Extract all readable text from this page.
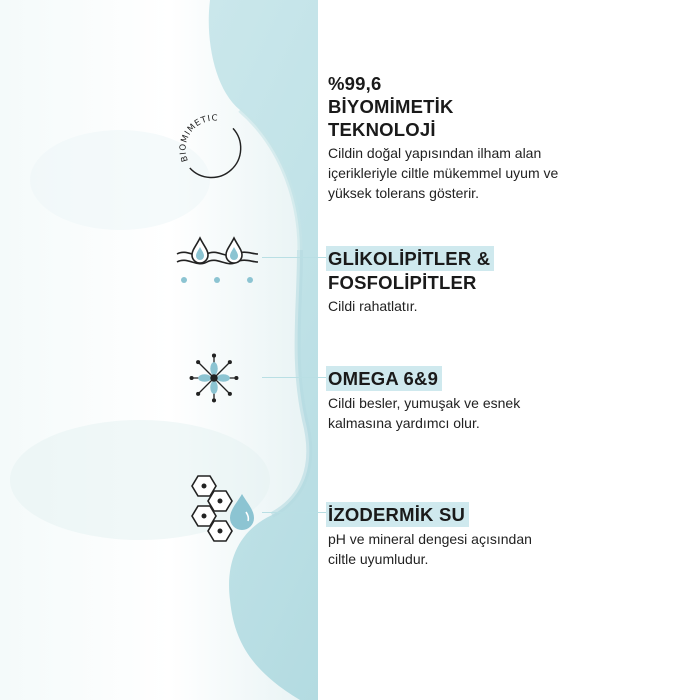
BIOMIMETIC
%99,6
BİYOMİMETİK
TEKNOLOJİ
Cildin doğal yapısından ilham alan içerikleriyle ciltle mükemmel uyum ve yüksek tolerans gösterir.
GLİKOLİPİTLER &
FOSFOLİPİTLER
Cildi rahatlatır.
OMEGA 6&9
Cildi besler, yumuşak ve esnek kalmasına yardımcı olur.
İZODERMİK SU
pH ve mineral dengesi açısından ciltle uyumludur.
